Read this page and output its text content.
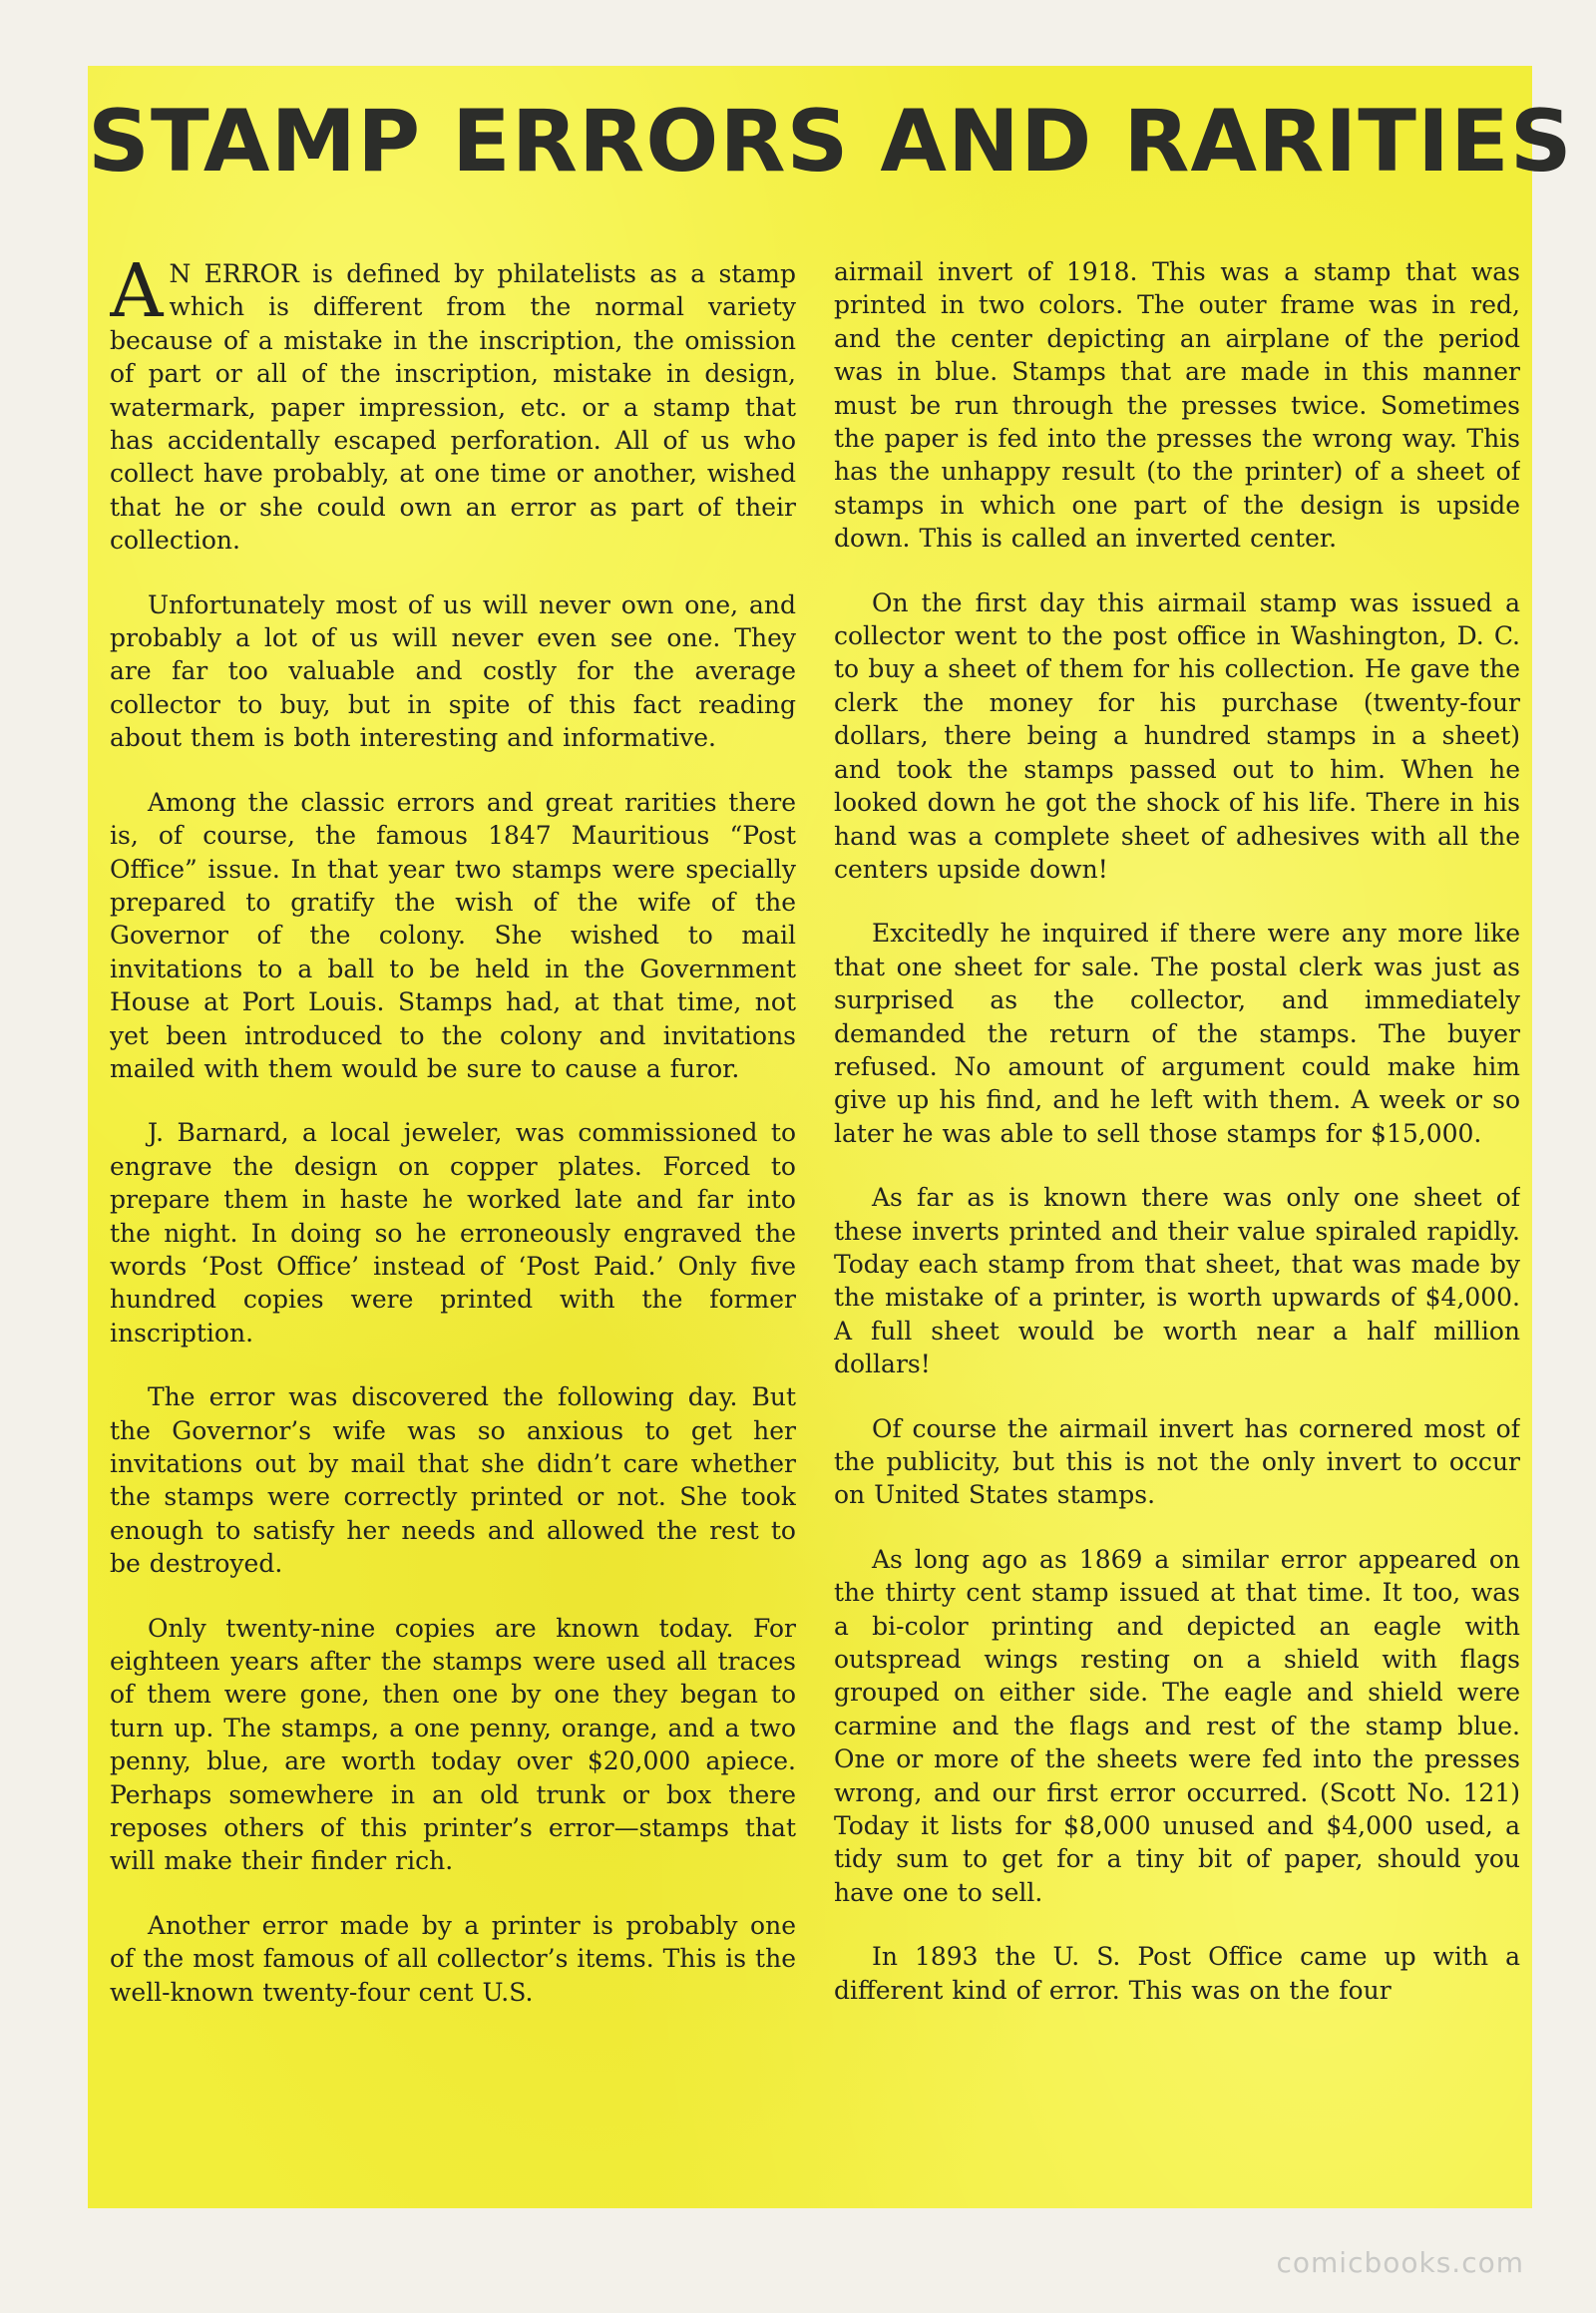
STAMP ERRORS AND RARITIES

A N ERROR is defined by philatelists as a stamp which is different from the normal variety because of a mistake in the inscription, the omission of part or all of the inscription, mistake in design, watermark, paper impression, etc. or a stamp that has accidentally escaped perforation. All of us who collect have probably, at one time or another, wished that he or she could own an error as part of their collection.

Unfortunately most of us will never own one, and probably a lot of us will never even see one. They are far too valuable and costly for the average collector to buy, but in spite of this fact reading about them is both interesting and informative.

Among the classic errors and great rarities there is, of course, the famous 1847 Mauritious “Post Office” issue. In that year two stamps were specially prepared to gratify the wish of the wife of the Governor of the colony. She wished to mail invitations to a ball to be held in the Government House at Port Louis. Stamps had, at that time, not yet been introduced to the colony and invitations mailed with them would be sure to cause a furor.

J. Barnard, a local jeweler, was commissioned to engrave the design on copper plates. Forced to prepare them in haste he worked late and far into the night. In doing so he erroneously engraved the words ‘Post Office’ instead of ‘Post Paid.’ Only five hundred copies were printed with the former inscription.

The error was discovered the following day. But the Governor’s wife was so anxious to get her invitations out by mail that she didn’t care whether the stamps were correctly printed or not. She took enough to satisfy her needs and allowed the rest to be destroyed.

Only twenty-nine copies are known today. For eighteen years after the stamps were used all traces of them were gone, then one by one they began to turn up. The stamps, a one penny, orange, and a two penny, blue, are worth today over $20,000 apiece. Perhaps somewhere in an old trunk or box there reposes others of this printer’s error—stamps that will make their finder rich.

Another error made by a printer is probably one of the most famous of all collector’s items. This is the well-known twenty-four cent U.S.

airmail invert of 1918. This was a stamp that was printed in two colors. The outer frame was in red, and the center depicting an airplane of the period was in blue. Stamps that are made in this manner must be run through the presses twice. Sometimes the paper is fed into the presses the wrong way. This has the unhappy result (to the printer) of a sheet of stamps in which one part of the design is upside down. This is called an inverted center.

On the first day this airmail stamp was issued a collector went to the post office in Washington, D. C. to buy a sheet of them for his collection. He gave the clerk the money for his purchase (twenty-four dollars, there being a hundred stamps in a sheet) and took the stamps passed out to him. When he looked down he got the shock of his life. There in his hand was a complete sheet of adhesives with all the centers upside down!

Excitedly he inquired if there were any more like that one sheet for sale. The postal clerk was just as surprised as the collector, and immediately demanded the return of the stamps. The buyer refused. No amount of argument could make him give up his find, and he left with them. A week or so later he was able to sell those stamps for $15,000.

As far as is known there was only one sheet of these inverts printed and their value spiraled rapidly. Today each stamp from that sheet, that was made by the mistake of a printer, is worth upwards of $4,000. A full sheet would be worth near a half million dollars!

Of course the airmail invert has cornered most of the publicity, but this is not the only invert to occur on United States stamps.

As long ago as 1869 a similar error appeared on the thirty cent stamp issued at that time. It too, was a bi-color printing and depicted an eagle with outspread wings resting on a shield with flags grouped on either side. The eagle and shield were carmine and the flags and rest of the stamp blue. One or more of the sheets were fed into the presses wrong, and our first error occurred. (Scott No. 121) Today it lists for $8,000 unused and $4,000 used, a tidy sum to get for a tiny bit of paper, should you have one to sell.

In 1893 the U. S. Post Office came up with a different kind of error. This was on the four

comicbooks.com
